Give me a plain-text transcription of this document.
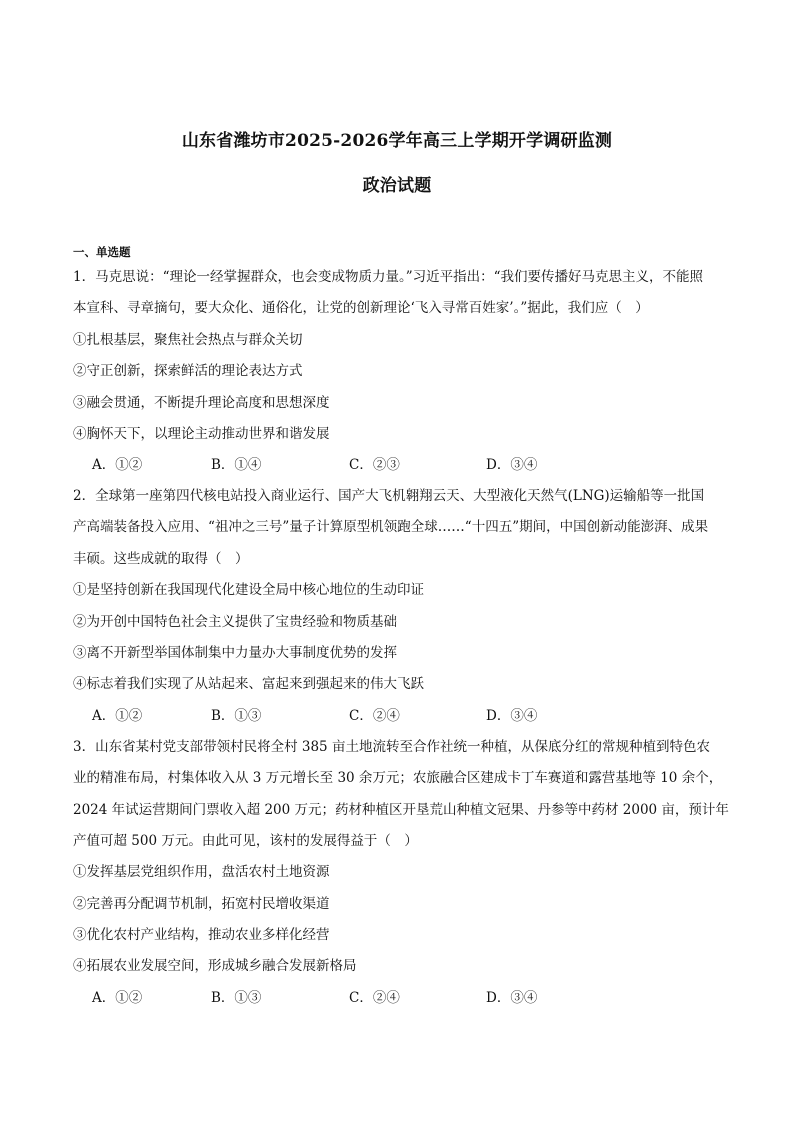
山东省潍坊市2025-2026学年高三上学期开学调研监测
政治试题
一、单选题
1．马克思说：“理论一经掌握群众，也会变成物质力量。”习近平指出：“我们要传播好马克思主义，不能照
本宣科、寻章摘句，要大众化、通俗化，让党的创新理论‘飞入寻常百姓家’。”据此，我们应（　）
①扎根基层，聚焦社会热点与群众关切
②守正创新，探索鲜活的理论表达方式
③融会贯通，不断提升理论高度和思想深度
④胸怀天下，以理论主动推动世界和谐发展
A．①②	B．①④	C．②③	D．③④
2．全球第一座第四代核电站投入商业运行、国产大飞机翱翔云天、大型液化天然气(LNG)运输船等一批国
产高端装备投入应用、“祖冲之三号”量子计算原型机领跑全球……“十四五”期间，中国创新动能澎湃、成果
丰硕。这些成就的取得（　）
①是坚持创新在我国现代化建设全局中核心地位的生动印证
②为开创中国特色社会主义提供了宝贵经验和物质基础
③离不开新型举国体制集中力量办大事制度优势的发挥
④标志着我们实现了从站起来、富起来到强起来的伟大飞跃
A．①②	B．①③	C．②④	D．③④
3．山东省某村党支部带领村民将全村 385 亩土地流转至合作社统一种植，从保底分红的常规种植到特色农
业的精准布局，村集体收入从 3 万元增长至 30 余万元；农旅融合区建成卡丁车赛道和露营基地等 10 余个，
2024 年试运营期间门票收入超 200 万元；药材种植区开垦荒山种植文冠果、丹参等中药材 2000 亩，预计年
产值可超 500 万元。由此可见，该村的发展得益于（　）
①发挥基层党组织作用，盘活农村土地资源
②完善再分配调节机制，拓宽村民增收渠道
③优化农村产业结构，推动农业多样化经营
④拓展农业发展空间，形成城乡融合发展新格局
A．①②	B．①③	C．②④	D．③④
